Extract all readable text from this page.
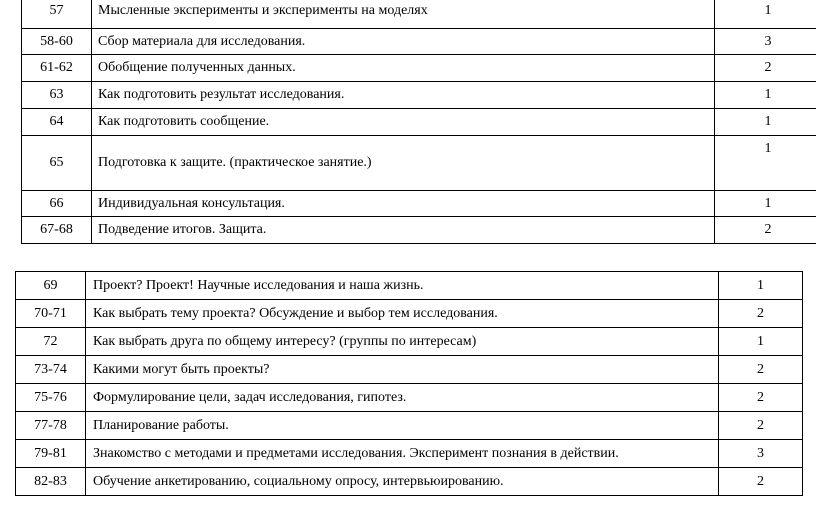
57	Мысленные эксперименты и эксперименты на моделях	1
58-60	Сбор материала для исследования.	3
61-62	Обобщение полученных данных.	2
63	Как подготовить результат исследования.	1
64	Как подготовить сообщение.	1
65	Подготовка к защите. (практическое занятие.)	1
66	Индивидуальная консультация.	1
67-68	Подведение итогов. Защита.	2
69	Проект? Проект! Научные исследования и наша жизнь.	1
70-71	Как выбрать тему проекта? Обсуждение и выбор тем исследования.	2
72	Как выбрать друга по общему интересу? (группы по интересам)	1
73-74	Какими могут быть проекты?	2
75-76	Формулирование цели, задач исследования, гипотез.	2
77-78	Планирование работы.	2
79-81	Знакомство с методами и предметами исследования. Эксперимент познания в действии.	3
82-83	Обучение анкетированию, социальному опросу, интервьюированию.	2
